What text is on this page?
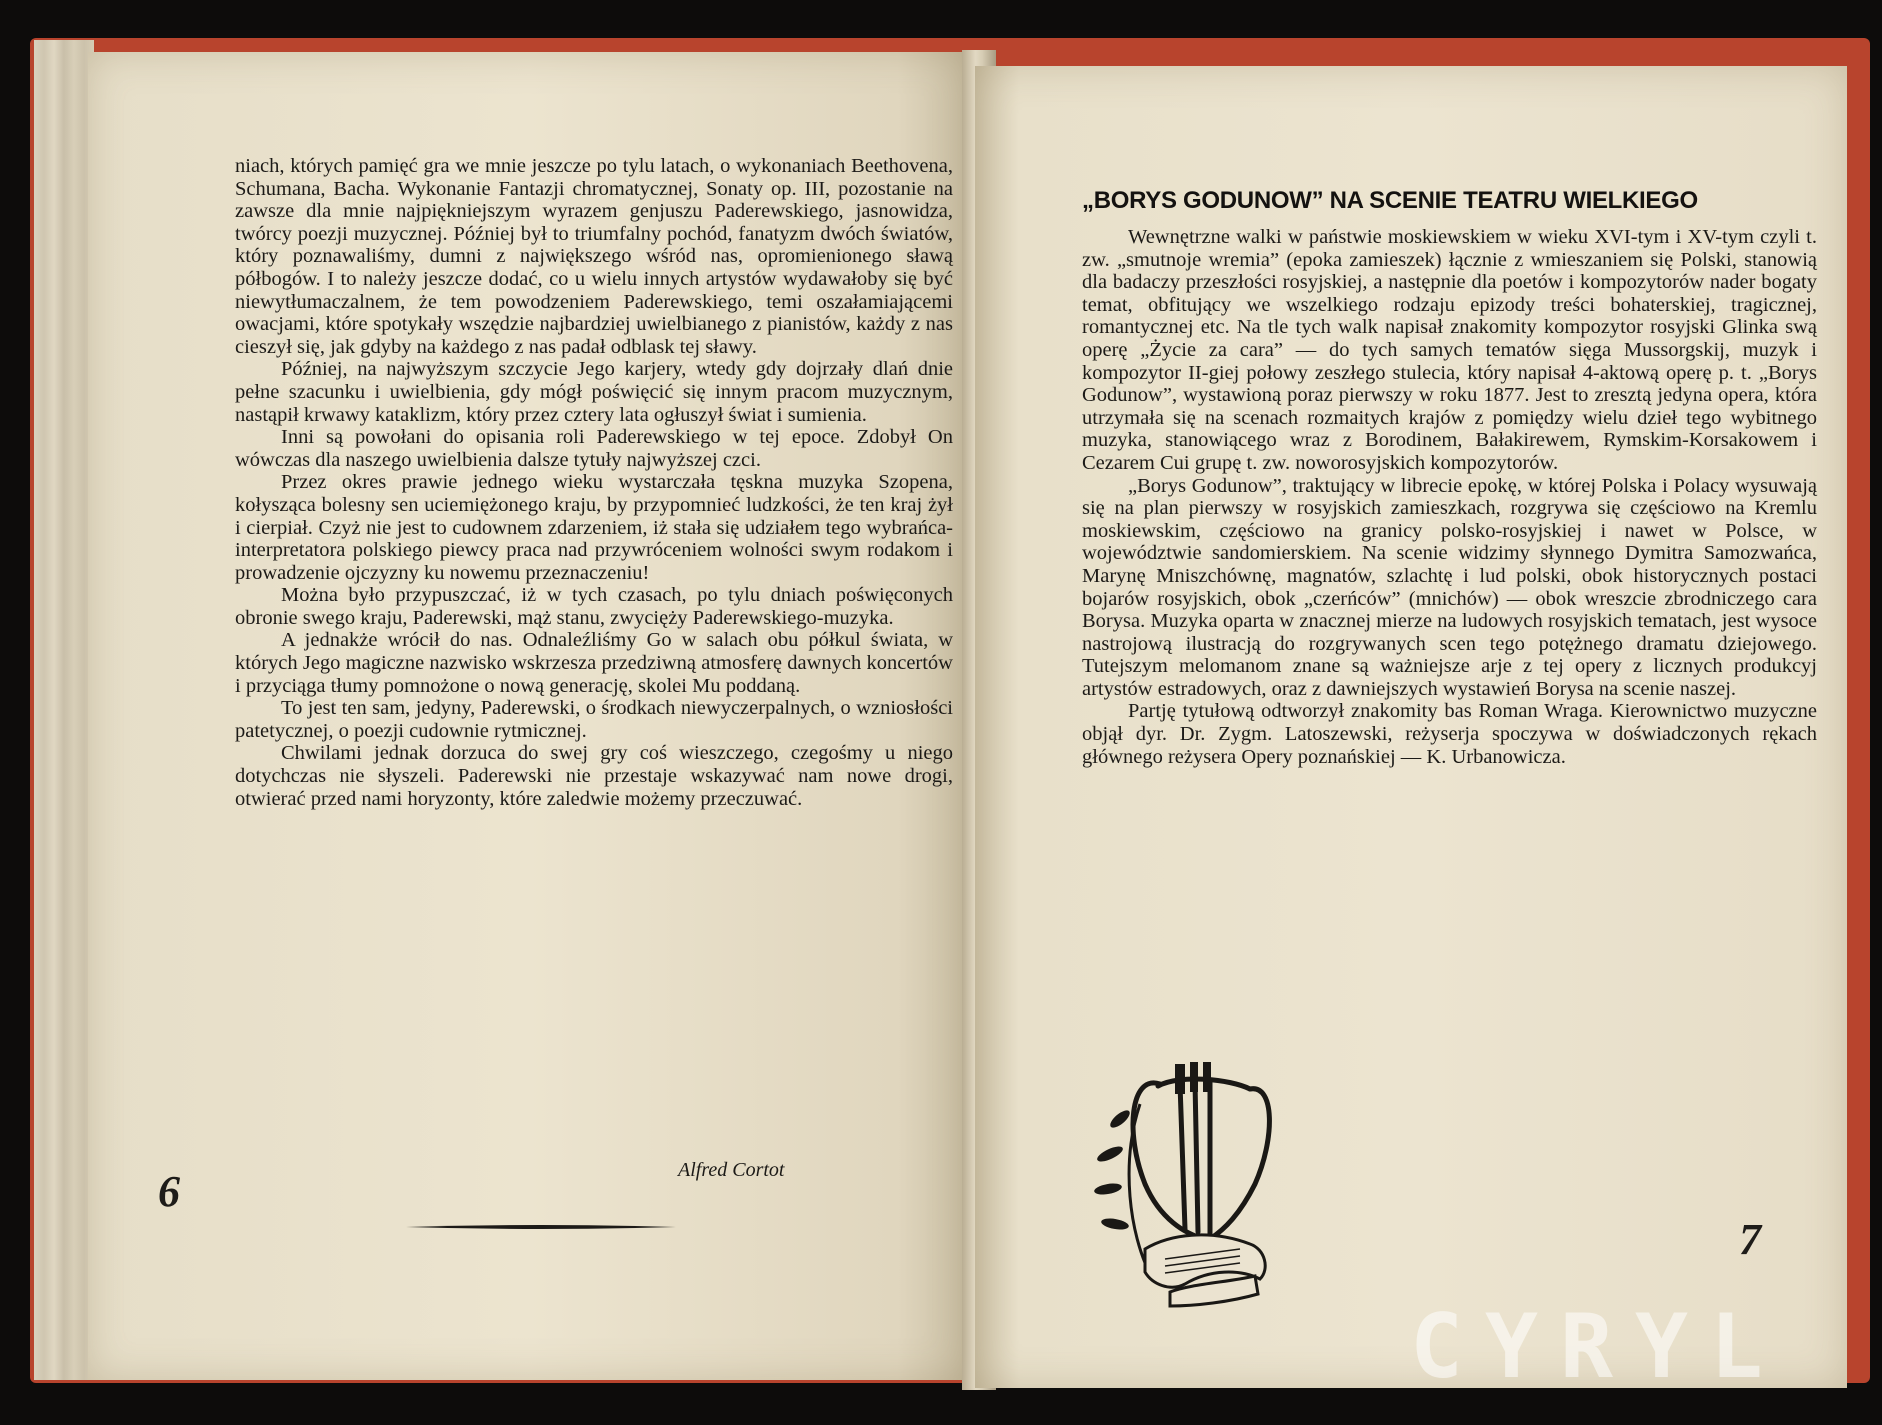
niach, których pamięć gra we mnie jeszcze po tylu latach, o wykonaniach Beethovena, Schumana, Bacha. Wykonanie Fantazji chromatycznej, Sonaty op. III, pozostanie na zawsze dla mnie najpiękniejszym wyrazem genjuszu Paderewskiego, jasnowidza, twórcy poezji muzycznej. Później był to triumfalny pochód, fanatyzm dwóch światów, który poznawaliśmy, dumni z największego wśród nas, opromienionego sławą półbogów. I to należy jeszcze dodać, co u wielu innych artystów wydawałoby się być niewytłumaczalnem, że tem powodzeniem Paderewskiego, temi oszałamiającemi owacjami, które spotykały wszędzie najbardziej uwielbianego z pianistów, każdy z nas cieszył się, jak gdyby na każdego z nas padał odblask tej sławy.

Później, na najwyższym szczycie Jego karjery, wtedy gdy dojrzały dlań dnie pełne szacunku i uwielbienia, gdy mógł poświęcić się innym pracom muzycznym, nastąpił krwawy kataklizm, który przez cztery lata ogłuszył świat i sumienia.

Inni są powołani do opisania roli Paderewskiego w tej epoce. Zdobył On wówczas dla naszego uwielbienia dalsze tytuły najwyższej czci.

Przez okres prawie jednego wieku wystarczała tęskna muzyka Szopena, kołysząca bolesny sen uciemiężonego kraju, by przypomnieć ludzkości, że ten kraj żył i cierpiał. Czyż nie jest to cudownem zdarzeniem, iż stała się udziałem tego wybrańca-interpretatora polskiego piewcy praca nad przywróceniem wolności swym rodakom i prowadzenie ojczyzny ku nowemu przeznaczeniu!

Można było przypuszczać, iż w tych czasach, po tylu dniach poświęconych obronie swego kraju, Paderewski, mąż stanu, zwycięży Paderewskiego-muzyka.

A jednakże wrócił do nas. Odnaleźliśmy Go w salach obu półkul świata, w których Jego magiczne nazwisko wskrzesza przedziwną atmosferę dawnych koncertów i przyciąga tłumy pomnożone o nową generację, skolei Mu poddaną.

To jest ten sam, jedyny, Paderewski, o środkach niewyczerpalnych, o wzniosłości patetycznej, o poezji cudownie rytmicznej.

Chwilami jednak dorzuca do swej gry coś wieszczego, czegośmy u niego dotychczas nie słyszeli. Paderewski nie przestaje wskazywać nam nowe drogi, otwierać przed nami horyzonty, które zaledwie możemy przeczuwać.

Alfred Cortot
6
„BORYS GODUNOW” NA SCENIE TEATRU WIELKIEGO

Wewnętrzne walki w państwie moskiewskiem w wieku XVI-tym i XV-tym czyli t. zw. „smutnoje wremia” (epoka zamieszek) łącznie z wmieszaniem się Polski, stanowią dla badaczy przeszłości rosyjskiej, a następnie dla poetów i kompozytorów nader bogaty temat, obfitujący we wszelkiego rodzaju epizody treści bohaterskiej, tragicznej, romantycznej etc. Na tle tych walk napisał znakomity kompozytor rosyjski Glinka swą operę „Życie za cara” — do tych samych tematów sięga Mussorgskij, muzyk i kompozytor II-giej połowy zeszłego stulecia, który napisał 4-aktową operę p. t. „Borys Godunow”, wystawioną poraz pierwszy w roku 1877. Jest to zresztą jedyna opera, która utrzymała się na scenach rozmaitych krajów z pomiędzy wielu dzieł tego wybitnego muzyka, stanowiącego wraz z Borodinem, Bałakirewem, Rymskim-Korsakowem i Cezarem Cui grupę t. zw. noworosyjskich kompozytorów.

„Borys Godunow”, traktujący w librecie epokę, w której Polska i Polacy wysuwają się na plan pierwszy w rosyjskich zamieszkach, rozgrywa się częściowo na Kremlu moskiewskim, częściowo na granicy polsko-rosyjskiej i nawet w Polsce, w województwie sandomierskiem. Na scenie widzimy słynnego Dymitra Samozwańca, Marynę Mniszchównę, magnatów, szlachtę i lud polski, obok historycznych postaci bojarów rosyjskich, obok „czerńców” (mnichów) — obok wreszcie zbrodniczego cara Borysa. Muzyka oparta w znacznej mierze na ludowych rosyjskich tematach, jest wysoce nastrojową ilustracją do rozgrywanych scen tego potężnego dramatu dziejowego. Tutejszym melomanom znane są ważniejsze arje z tej opery z licznych produkcyj artystów estradowych, oraz z dawniejszych wystawień Borysa na scenie naszej.

Partję tytułową odtworzył znakomity bas Roman Wraga. Kierownictwo muzyczne objął dyr. Dr. Zygm. Latoszewski, reżyserja spoczywa w doświadczonych rękach głównego reżysera Opery poznańskiej — K. Urbanowicza.

7
CYRYL
